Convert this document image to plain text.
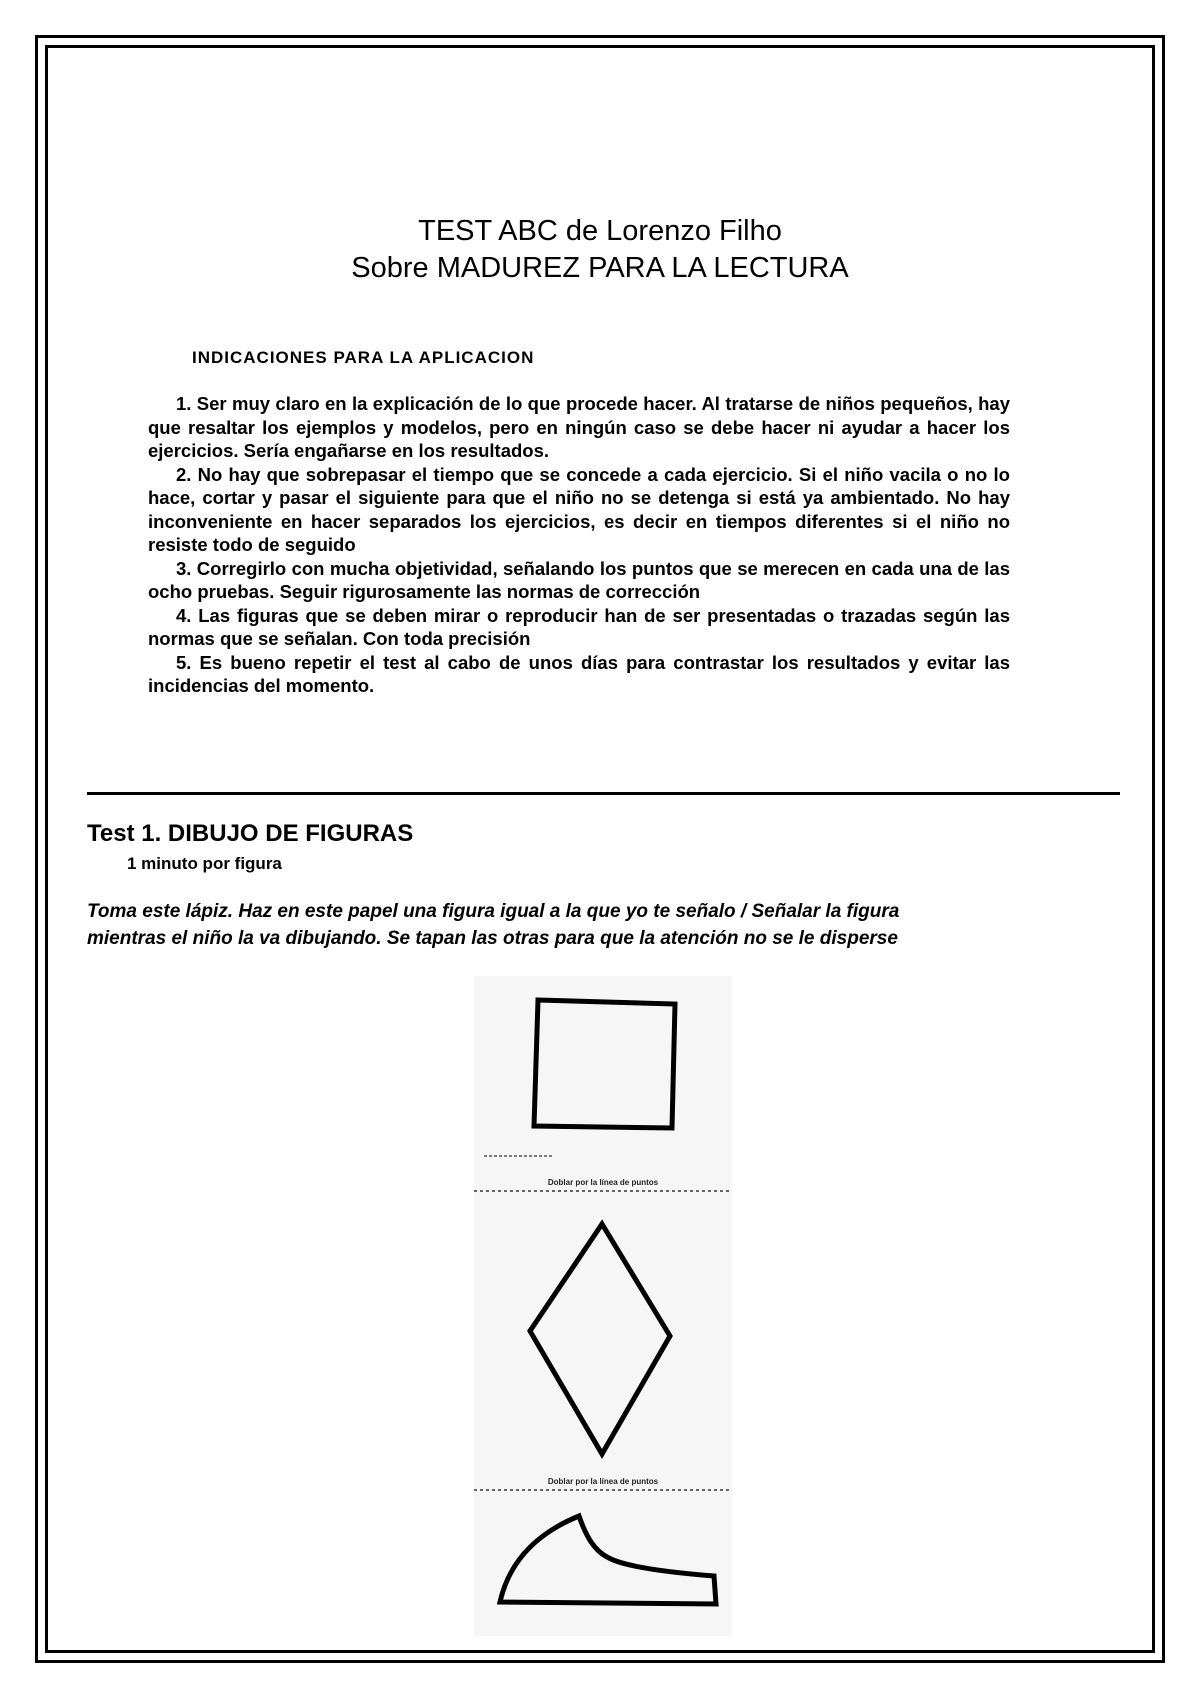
TEST ABC de Lorenzo Filho
Sobre MADUREZ PARA LA LECTURA
INDICACIONES PARA LA APLICACION

1. Ser muy claro en la explicación de lo que procede hacer. Al tratarse de niños pequeños, hay que resaltar los ejemplos y modelos, pero en ningún caso se debe hacer ni ayudar a hacer los ejercicios. Sería engañarse en los resultados.

2. No hay que sobrepasar el tiempo que se concede a cada ejercicio. Si el niño vacila o no lo hace, cortar y pasar el siguiente para que el niño no se detenga si está ya ambientado. No hay inconveniente en hacer separados los ejercicios, es decir en tiempos diferentes si el niño no resiste todo de seguido

3. Corregirlo con mucha objetividad, señalando los puntos que se merecen en cada una de las ocho pruebas. Seguir rigurosamente las normas de corrección

4. Las figuras que se deben mirar o reproducir han de ser presentadas o trazadas según las normas que se señalan. Con toda precisión

5. Es bueno repetir el test al cabo de unos días para contrastar los resultados y evitar las incidencias del momento.

Test 1. DIBUJO DE FIGURAS
1 minuto por figura
Toma este lápiz. Haz en este papel una figura igual a la que yo te señalo / Señalar la figura
mientras el niño la va dibujando. Se tapan las otras para que la atención no se le disperse
Doblar por la línea de puntos
Doblar por la línea de puntos
